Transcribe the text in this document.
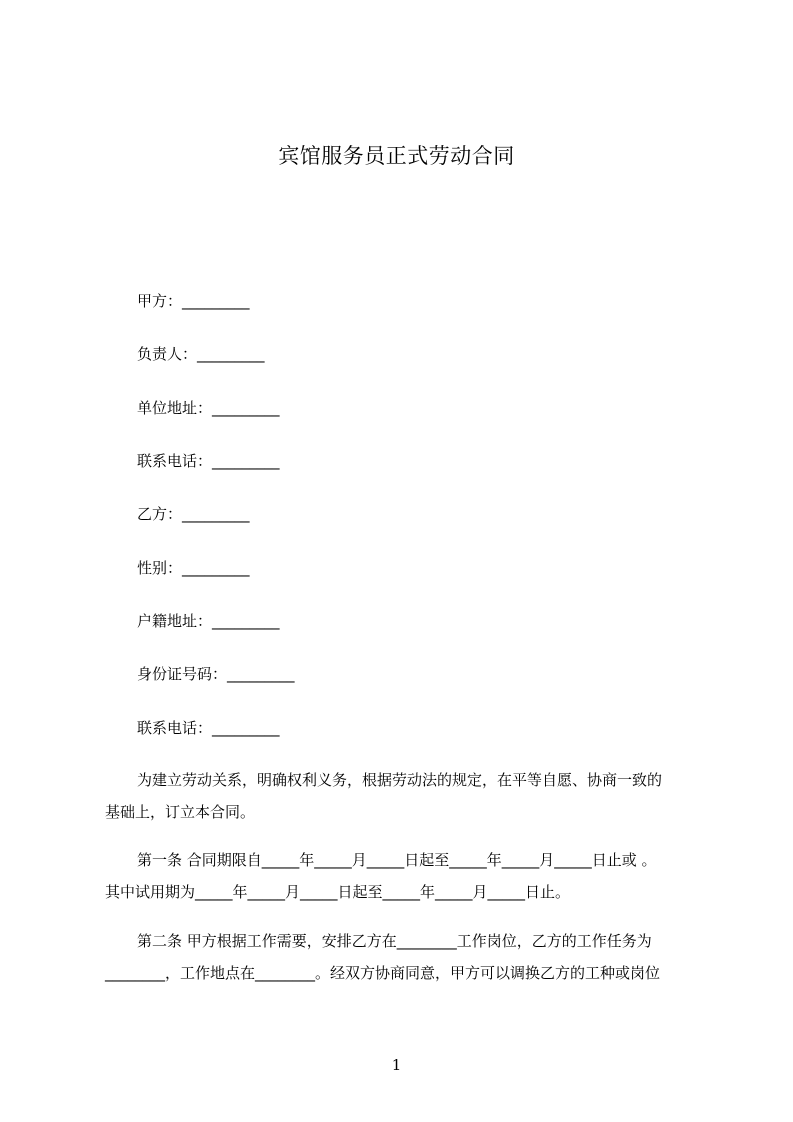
宾馆服务员正式劳动合同
甲方：_________
负责人：_________
单位地址：_________
联系电话：_________
乙方：_________
性别：_________
户籍地址：_________
身份证号码：_________
联系电话：_________
为建立劳动关系，明确权利义务，根据劳动法的规定，在平等自愿、协商一致的
基础上，订立本合同。
第一条 合同期限自_____年_____月_____日起至_____年_____月_____日止或 。
其中试用期为_____年_____月_____日起至_____年_____月_____日止。
第二条 甲方根据工作需要，安排乙方在________工作岗位，乙方的工作任务为
________，工作地点在________。经双方协商同意，甲方可以调换乙方的工种或岗位
1
